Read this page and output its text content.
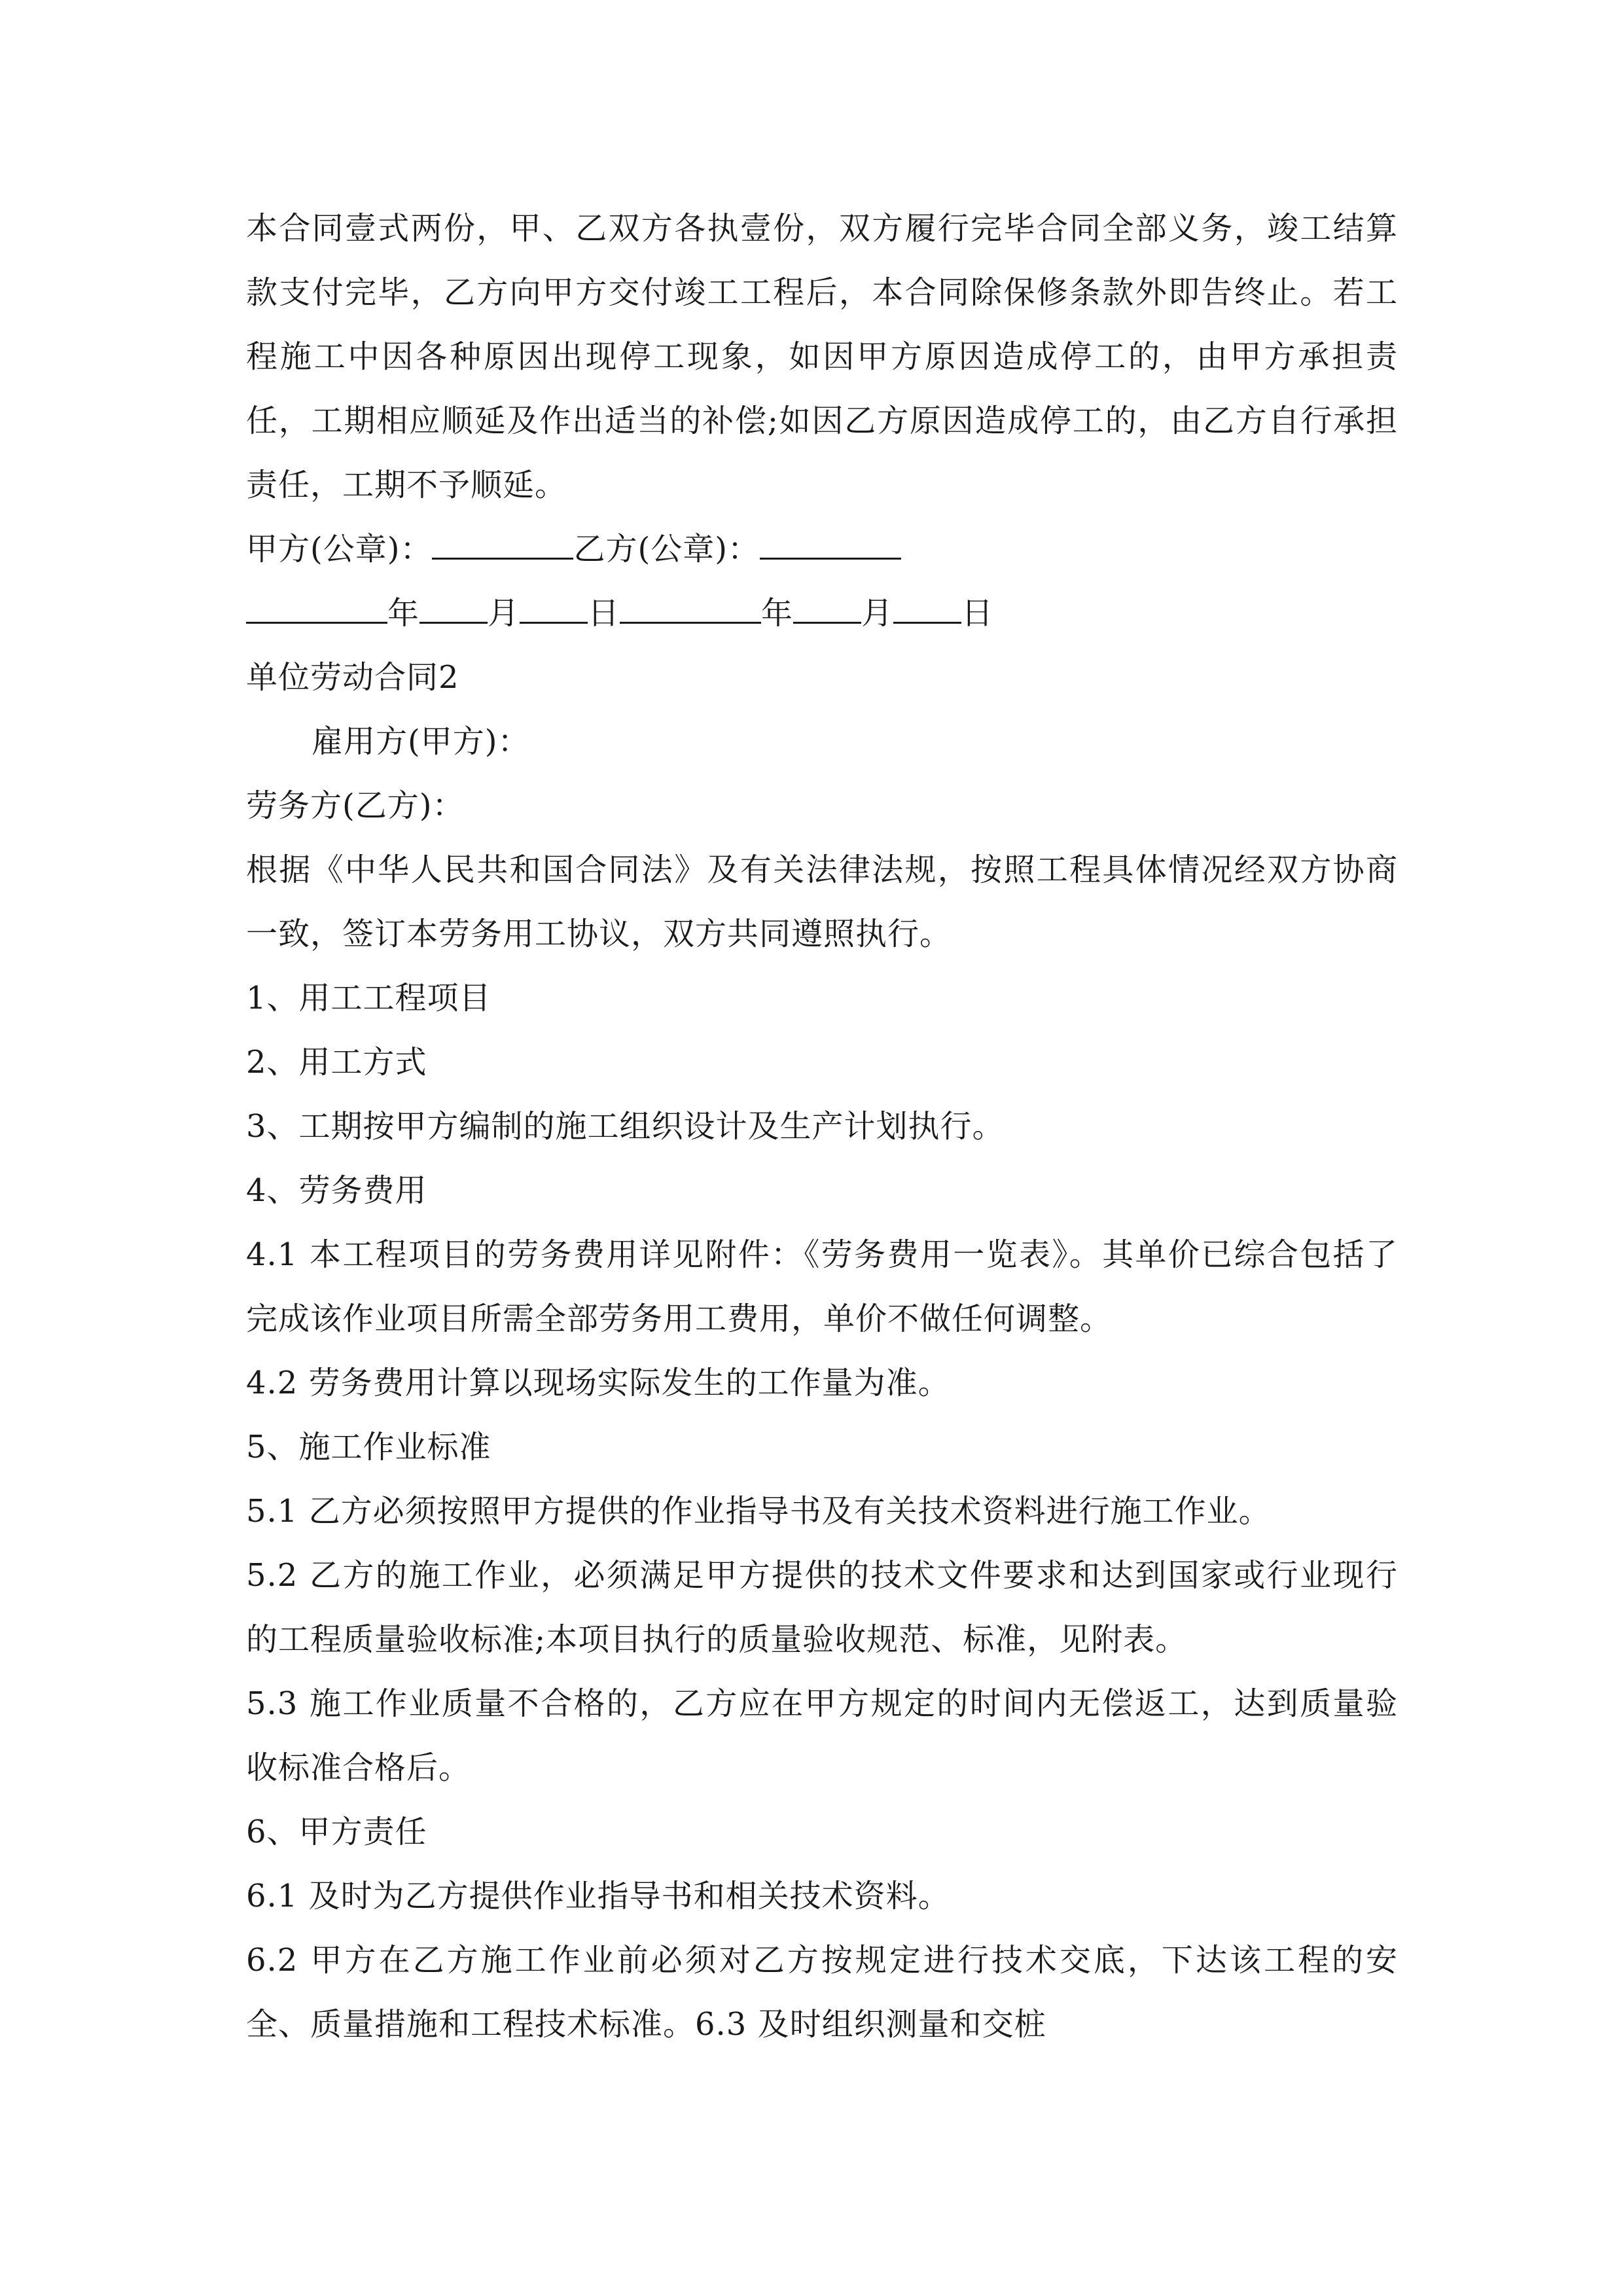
本合同壹式两份，甲、乙双方各执壹份，双方履行完毕合同全部义务，竣工结算款支付完毕，乙方向甲方交付竣工工程后，本合同除保修条款外即告终止。若工程施工中因各种原因出现停工现象，如因甲方原因造成停工的，由甲方承担责任，工期相应顺延及作出适当的补偿;如因乙方原因造成停工的，由乙方自行承担责任，工期不予顺延。

甲方(公章)：	乙方(公章)：

年 月 日	年 月 日

单位劳动合同2

雇用方(甲方)：

劳务方(乙方)：

根据《中华人民共和国合同法》及有关法律法规，按照工程具体情况经双方协商一致，签订本劳务用工协议，双方共同遵照执行。

1、用工工程项目

2、用工方式

3、工期按甲方编制的施工组织设计及生产计划执行。

4、劳务费用

4.1 本工程项目的劳务费用详见附件：《劳务费用一览表》。其单价已综合包括了完成该作业项目所需全部劳务用工费用，单价不做任何调整。

4.2 劳务费用计算以现场实际发生的工作量为准。

5、施工作业标准

5.1 乙方必须按照甲方提供的作业指导书及有关技术资料进行施工作业。

5.2 乙方的施工作业，必须满足甲方提供的技术文件要求和达到国家或行业现行的工程质量验收标准;本项目执行的质量验收规范、标准，见附表。

5.3 施工作业质量不合格的，乙方应在甲方规定的时间内无偿返工，达到质量验收标准合格后。

6、甲方责任

6.1 及时为乙方提供作业指导书和相关技术资料。

6.2 甲方在乙方施工作业前必须对乙方按规定进行技术交底，下达该工程的安全、质量措施和工程技术标准。6.3 及时组织测量和交桩
